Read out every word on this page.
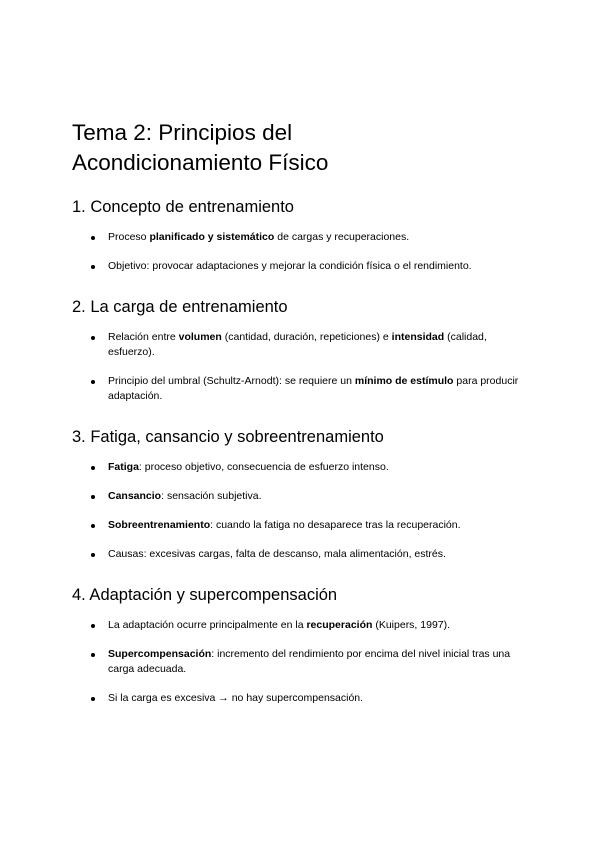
Tema 2: Principios del
Acondicionamiento Físico
1. Concepto de entrenamiento
Proceso planificado y sistemático de cargas y recuperaciones.
Objetivo: provocar adaptaciones y mejorar la condición física o el rendimiento.
2. La carga de entrenamiento
Relación entre volumen (cantidad, duración, repeticiones) e intensidad (calidad, esfuerzo).
Principio del umbral (Schultz-Arnodt): se requiere un mínimo de estímulo para producir adaptación.
3. Fatiga, cansancio y sobreentrenamiento
Fatiga: proceso objetivo, consecuencia de esfuerzo intenso.
Cansancio: sensación subjetiva.
Sobreentrenamiento: cuando la fatiga no desaparece tras la recuperación.
Causas: excesivas cargas, falta de descanso, mala alimentación, estrés.
4. Adaptación y supercompensación
La adaptación ocurre principalmente en la recuperación (Kuipers, 1997).
Supercompensación: incremento del rendimiento por encima del nivel inicial tras una carga adecuada.
Si la carga es excesiva → no hay supercompensación.
